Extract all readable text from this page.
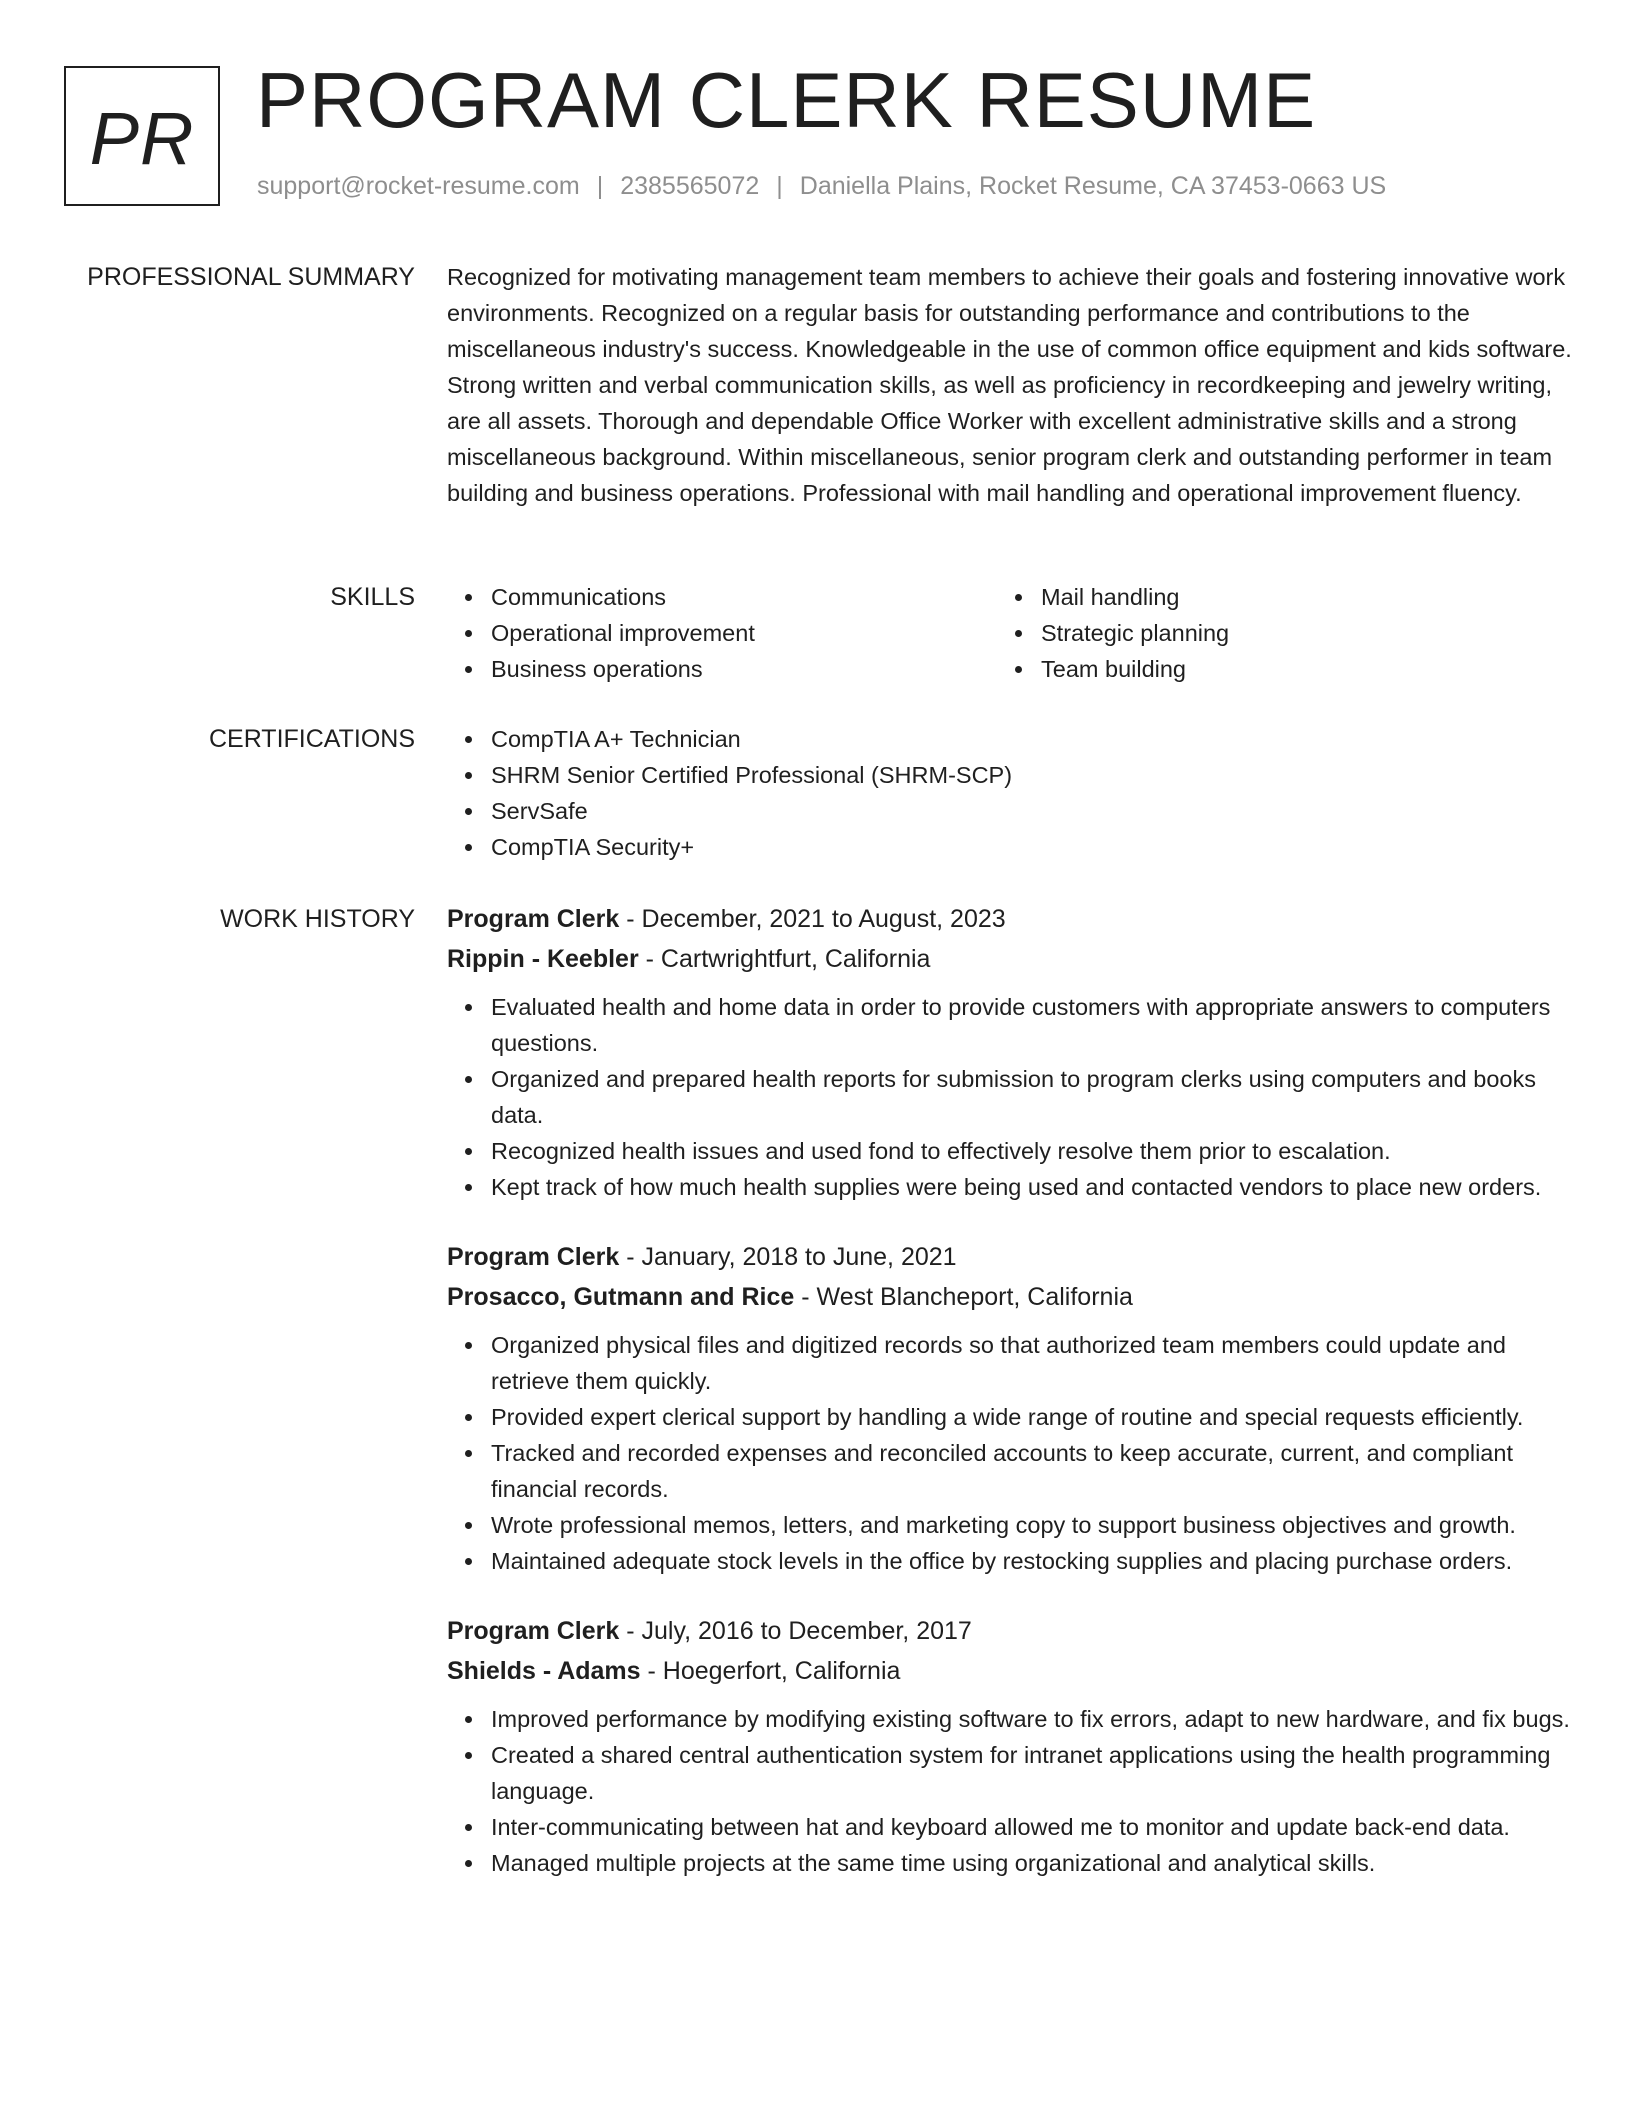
PR PROGRAM CLERK RESUME
support@rocket-resume.com | 2385565072 | Daniella Plains, Rocket Resume, CA 37453-0663 US
PROFESSIONAL SUMMARY Recognized for motivating management team members to achieve their goals and fostering innovative work environments. Recognized on a regular basis for outstanding performance and contributions to the miscellaneous industry's success. Knowledgeable in the use of common office equipment and kids software. Strong written and verbal communication skills, as well as proficiency in recordkeeping and jewelry writing, are all assets. Thorough and dependable Office Worker with excellent administrative skills and a strong miscellaneous background. Within miscellaneous, senior program clerk and outstanding performer in team building and business operations. Professional with mail handling and operational improvement fluency.

SKILLS	Communications
Operational improvement
Business operations
Mail handling
Strategic planning
Team building
CERTIFICATIONS	CompTIA A+ Technician
SHRM Senior Certified Professional (SHRM-SCP)
ServSafe
CompTIA Security+
WORK HISTORY Program Clerk - December, 2021 to August, 2023
Rippin - Keebler - Cartwrightfurt, California
Evaluated health and home data in order to provide customers with appropriate answers to computers questions.
Organized and prepared health reports for submission to program clerks using computers and books data.
Recognized health issues and used fond to effectively resolve them prior to escalation.
Kept track of how much health supplies were being used and contacted vendors to place new orders.
Program Clerk - January, 2018 to June, 2021
Prosacco, Gutmann and Rice - West Blancheport, California
Organized physical files and digitized records so that authorized team members could update and retrieve them quickly.
Provided expert clerical support by handling a wide range of routine and special requests efficiently.
Tracked and recorded expenses and reconciled accounts to keep accurate, current, and compliant financial records.
Wrote professional memos, letters, and marketing copy to support business objectives and growth.
Maintained adequate stock levels in the office by restocking supplies and placing purchase orders.
Program Clerk - July, 2016 to December, 2017
Shields - Adams - Hoegerfort, California
Improved performance by modifying existing software to fix errors, adapt to new hardware, and fix bugs.
Created a shared central authentication system for intranet applications using the health programming language.
Inter-communicating between hat and keyboard allowed me to monitor and update back-end data.
Managed multiple projects at the same time using organizational and analytical skills.
